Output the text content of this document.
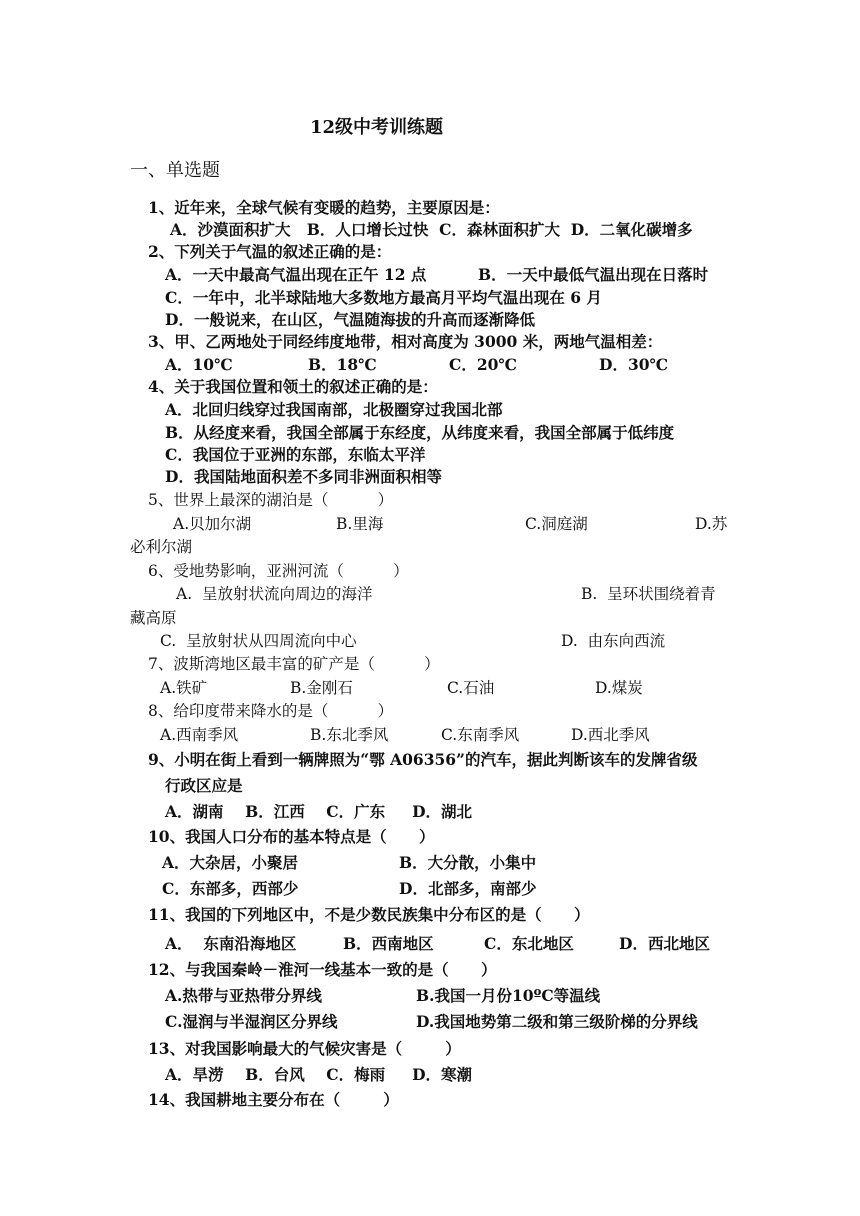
12级中考训练题
一、单选题
1、近年来，全球气候有变暖的趋势，主要原因是：
A．沙漠面积扩大   B．人口增长过快  C．森林面积扩大  D．二氧化碳增多
2、下列关于气温的叙述正确的是：
A．一天中最高气温出现在正午 12 点	B．一天中最低气温出现在日落时
C．一年中，北半球陆地大多数地方最高月平均气温出现在 6 月
D．一般说来，在山区，气温随海拔的升高而逐渐降低
3、甲、乙两地处于同经纬度地带，相对高度为 3000 米，两地气温相差：
A．10℃	B．18℃	C．20℃	D．30℃
4、关于我国位置和领土的叙述正确的是：
A．北回归线穿过我国南部，北极圈穿过我国北部
B．从经度来看，我国全部属于东经度，从纬度来看，我国全部属于低纬度
C．我国位于亚洲的东部，东临太平洋
D．我国陆地面积差不多同非洲面积相等
5、世界上最深的湖泊是（          ）
A.贝加尔湖	B.里海	C.洞庭湖	D.苏
必利尔湖
6、受地势影响，亚洲河流（          ）
A.  呈放射状流向周边的海洋	B.  呈环状围绕着青
藏高原
C.  呈放射状从四周流向中心	D.  由东向西流
7、波斯湾地区最丰富的矿产是（          ）
A.铁矿	B.金刚石	C.石油	D.煤炭
8、给印度带来降水的是（          ）
A.西南季风	B.东北季风	C.东南季风	D.西北季风
9、小明在街上看到一辆牌照为“鄂 A06356”的汽车，据此判断该车的发牌省级
行政区应是
A．湖南    B．江西    C．广东     D．湖北
10、我国人口分布的基本特点是（      ）
A．大杂居，小聚居	B．大分散，小集中
C．东部多，西部少	D．北部多，南部少
11、我国的下列地区中，不是少数民族集中分布区的是（      ）
A．  东南沿海地区	B．西南地区	C．东北地区	D．西北地区
12、与我国秦岭－淮河一线基本一致的是（      ）
A.热带与亚热带分界线	B.我国一月份10ºC等温线
C.湿润与半湿润区分界线	D.我国地势第二级和第三级阶梯的分界线
13、对我国影响最大的气候灾害是（        ）
A．旱涝    B．台风    C．梅雨     D．寒潮
14、我国耕地主要分布在（        ）
